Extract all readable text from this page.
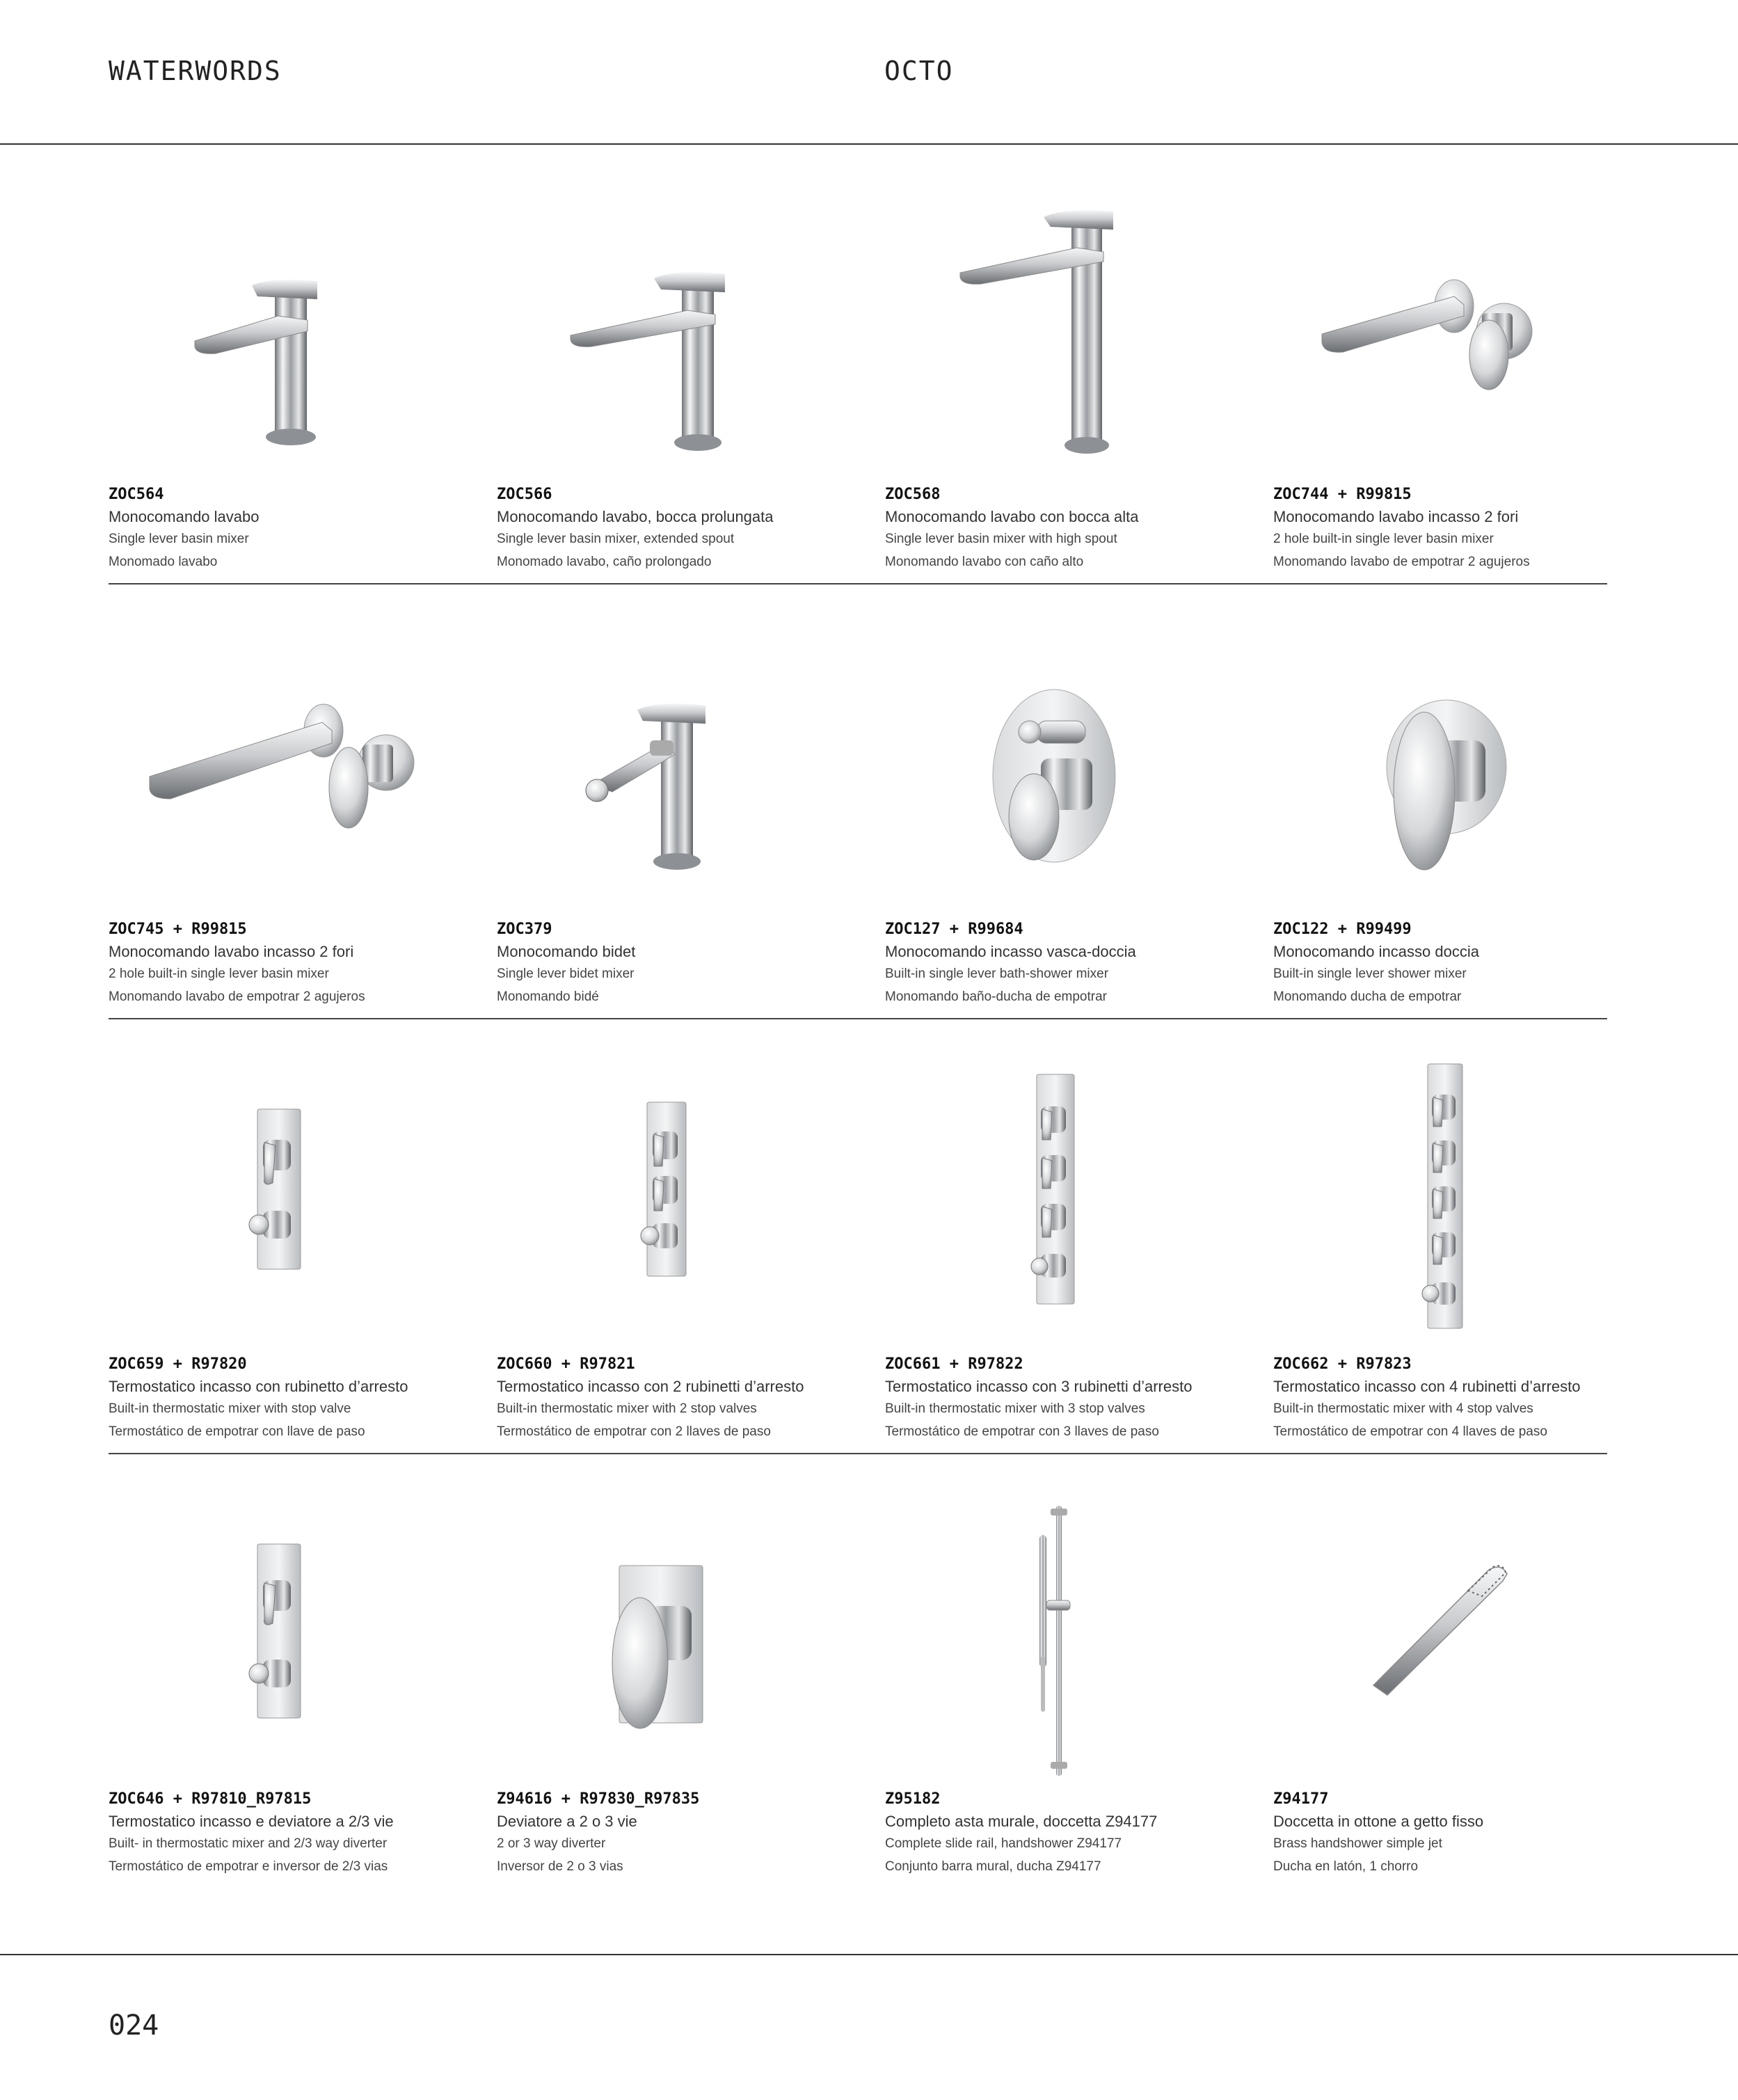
WATERWORDS	OCTO
ZOC564
Monocomando lavabo
Single lever basin mixer
Monomado lavabo
ZOC566
Monocomando lavabo, bocca prolungata
Single lever basin mixer, extended spout
Monomado lavabo, caño prolongado
ZOC568
Monocomando lavabo con bocca alta
Single lever basin mixer with high spout
Monomando lavabo con caño alto
ZOC744 + R99815
Monocomando lavabo incasso 2 fori
2 hole built-in single lever basin mixer
Monomando lavabo de empotrar 2 agujeros
ZOC745 + R99815
Monocomando lavabo incasso 2 fori
2 hole built-in single lever basin mixer
Monomando lavabo de empotrar 2 agujeros
ZOC379
Monocomando bidet
Single lever bidet mixer
Monomando bidé
ZOC127 + R99684
Monocomando incasso vasca-doccia
Built-in single lever bath-shower mixer
Monomando baño-ducha de empotrar
ZOC122 + R99499
Monocomando incasso doccia
Built-in single lever shower mixer
Monomando ducha de empotrar
ZOC659 + R97820
Termostatico incasso con rubinetto d’arresto
Built-in thermostatic mixer with stop valve
Termostático de empotrar con llave de paso
ZOC660 + R97821
Termostatico incasso con 2 rubinetti d’arresto
Built-in thermostatic mixer with 2 stop valves
Termostático de empotrar con 2 llaves de paso
ZOC661 + R97822
Termostatico incasso con 3 rubinetti d’arresto
Built-in thermostatic mixer with 3 stop valves
Termostático de empotrar con 3 llaves de paso
ZOC662 + R97823
Termostatico incasso con 4 rubinetti d’arresto
Built-in thermostatic mixer with 4 stop valves
Termostático de empotrar con 4 llaves de paso
ZOC646 + R97810_R97815
Termostatico incasso e deviatore a 2/3 vie
Built- in thermostatic mixer and 2/3 way diverter
Termostático de empotrar e inversor de 2/3 vias
Z94616 + R97830_R97835
Deviatore a 2 o 3 vie
2 or 3 way diverter
Inversor de 2 o 3 vias
Z95182
Completo asta murale, doccetta Z94177
Complete slide rail, handshower Z94177
Conjunto barra mural, ducha Z94177
Z94177
Doccetta in ottone a getto fisso
Brass handshower simple jet
Ducha en latón, 1 chorro
024
